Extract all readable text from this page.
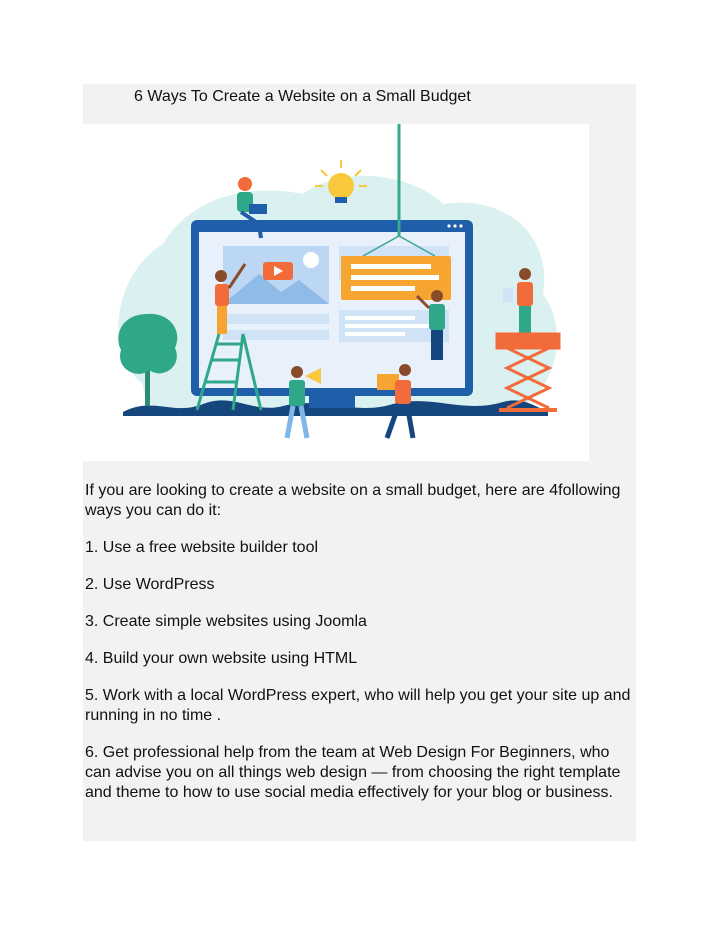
6 Ways To Create a Website on a Small Budget

If you are looking to create a website on a small budget, here are 4following ways you can do it:

1. Use a free website builder tool
2. Use WordPress
3. Create simple websites using Joomla
4. Build your own website using HTML
5. Work with a local WordPress expert, who will help you get your site up and running in no time .
6. Get professional help from the team at Web Design For Beginners, who can advise you on all things web design — from choosing the right template and theme to how to use social media effectively for your blog or business.
